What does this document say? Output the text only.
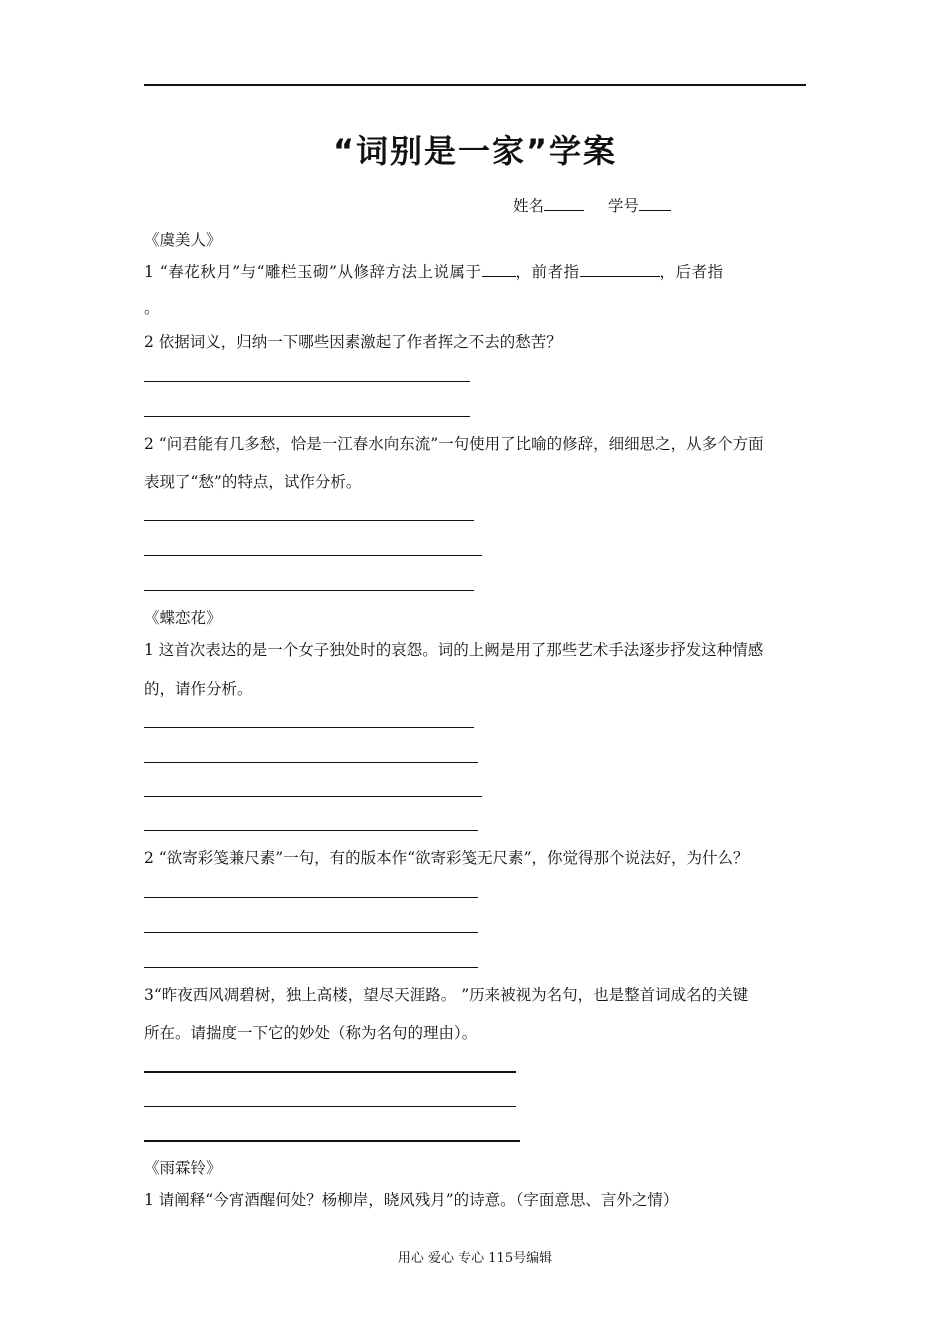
“词别是一家”学案
姓名	学号
《虞美人》
1 “春花秋月”与“雕栏玉砌”从修辞方法上说属于 ，前者指	，后者指
。
2 依据词义，归纳一下哪些因素激起了作者挥之不去的愁苦？
2 “问君能有几多愁，恰是一江春水向东流”一句使用了比喻的修辞，细细思之，从多个方面
表现了“愁”的特点，试作分析。
《蝶恋花》
1 这首次表达的是一个女子独处时的哀怨。词的上阙是用了那些艺术手法逐步抒发这种情感
的，请作分析。
2 “欲寄彩笺兼尺素”一句，有的版本作“欲寄彩笺无尺素”，你觉得那个说法好，为什么？
3“昨夜西风凋碧树，独上高楼，望尽天涯路。 ”历来被视为名句，也是整首词成名的关键
所在。请揣度一下它的妙处（称为名句的理由）。
《雨霖铃》
1 请阐释“今宵酒醒何处？杨柳岸，晓风残月”的诗意。（字面意思、言外之情）
用心 爱心 专心 115号编辑
